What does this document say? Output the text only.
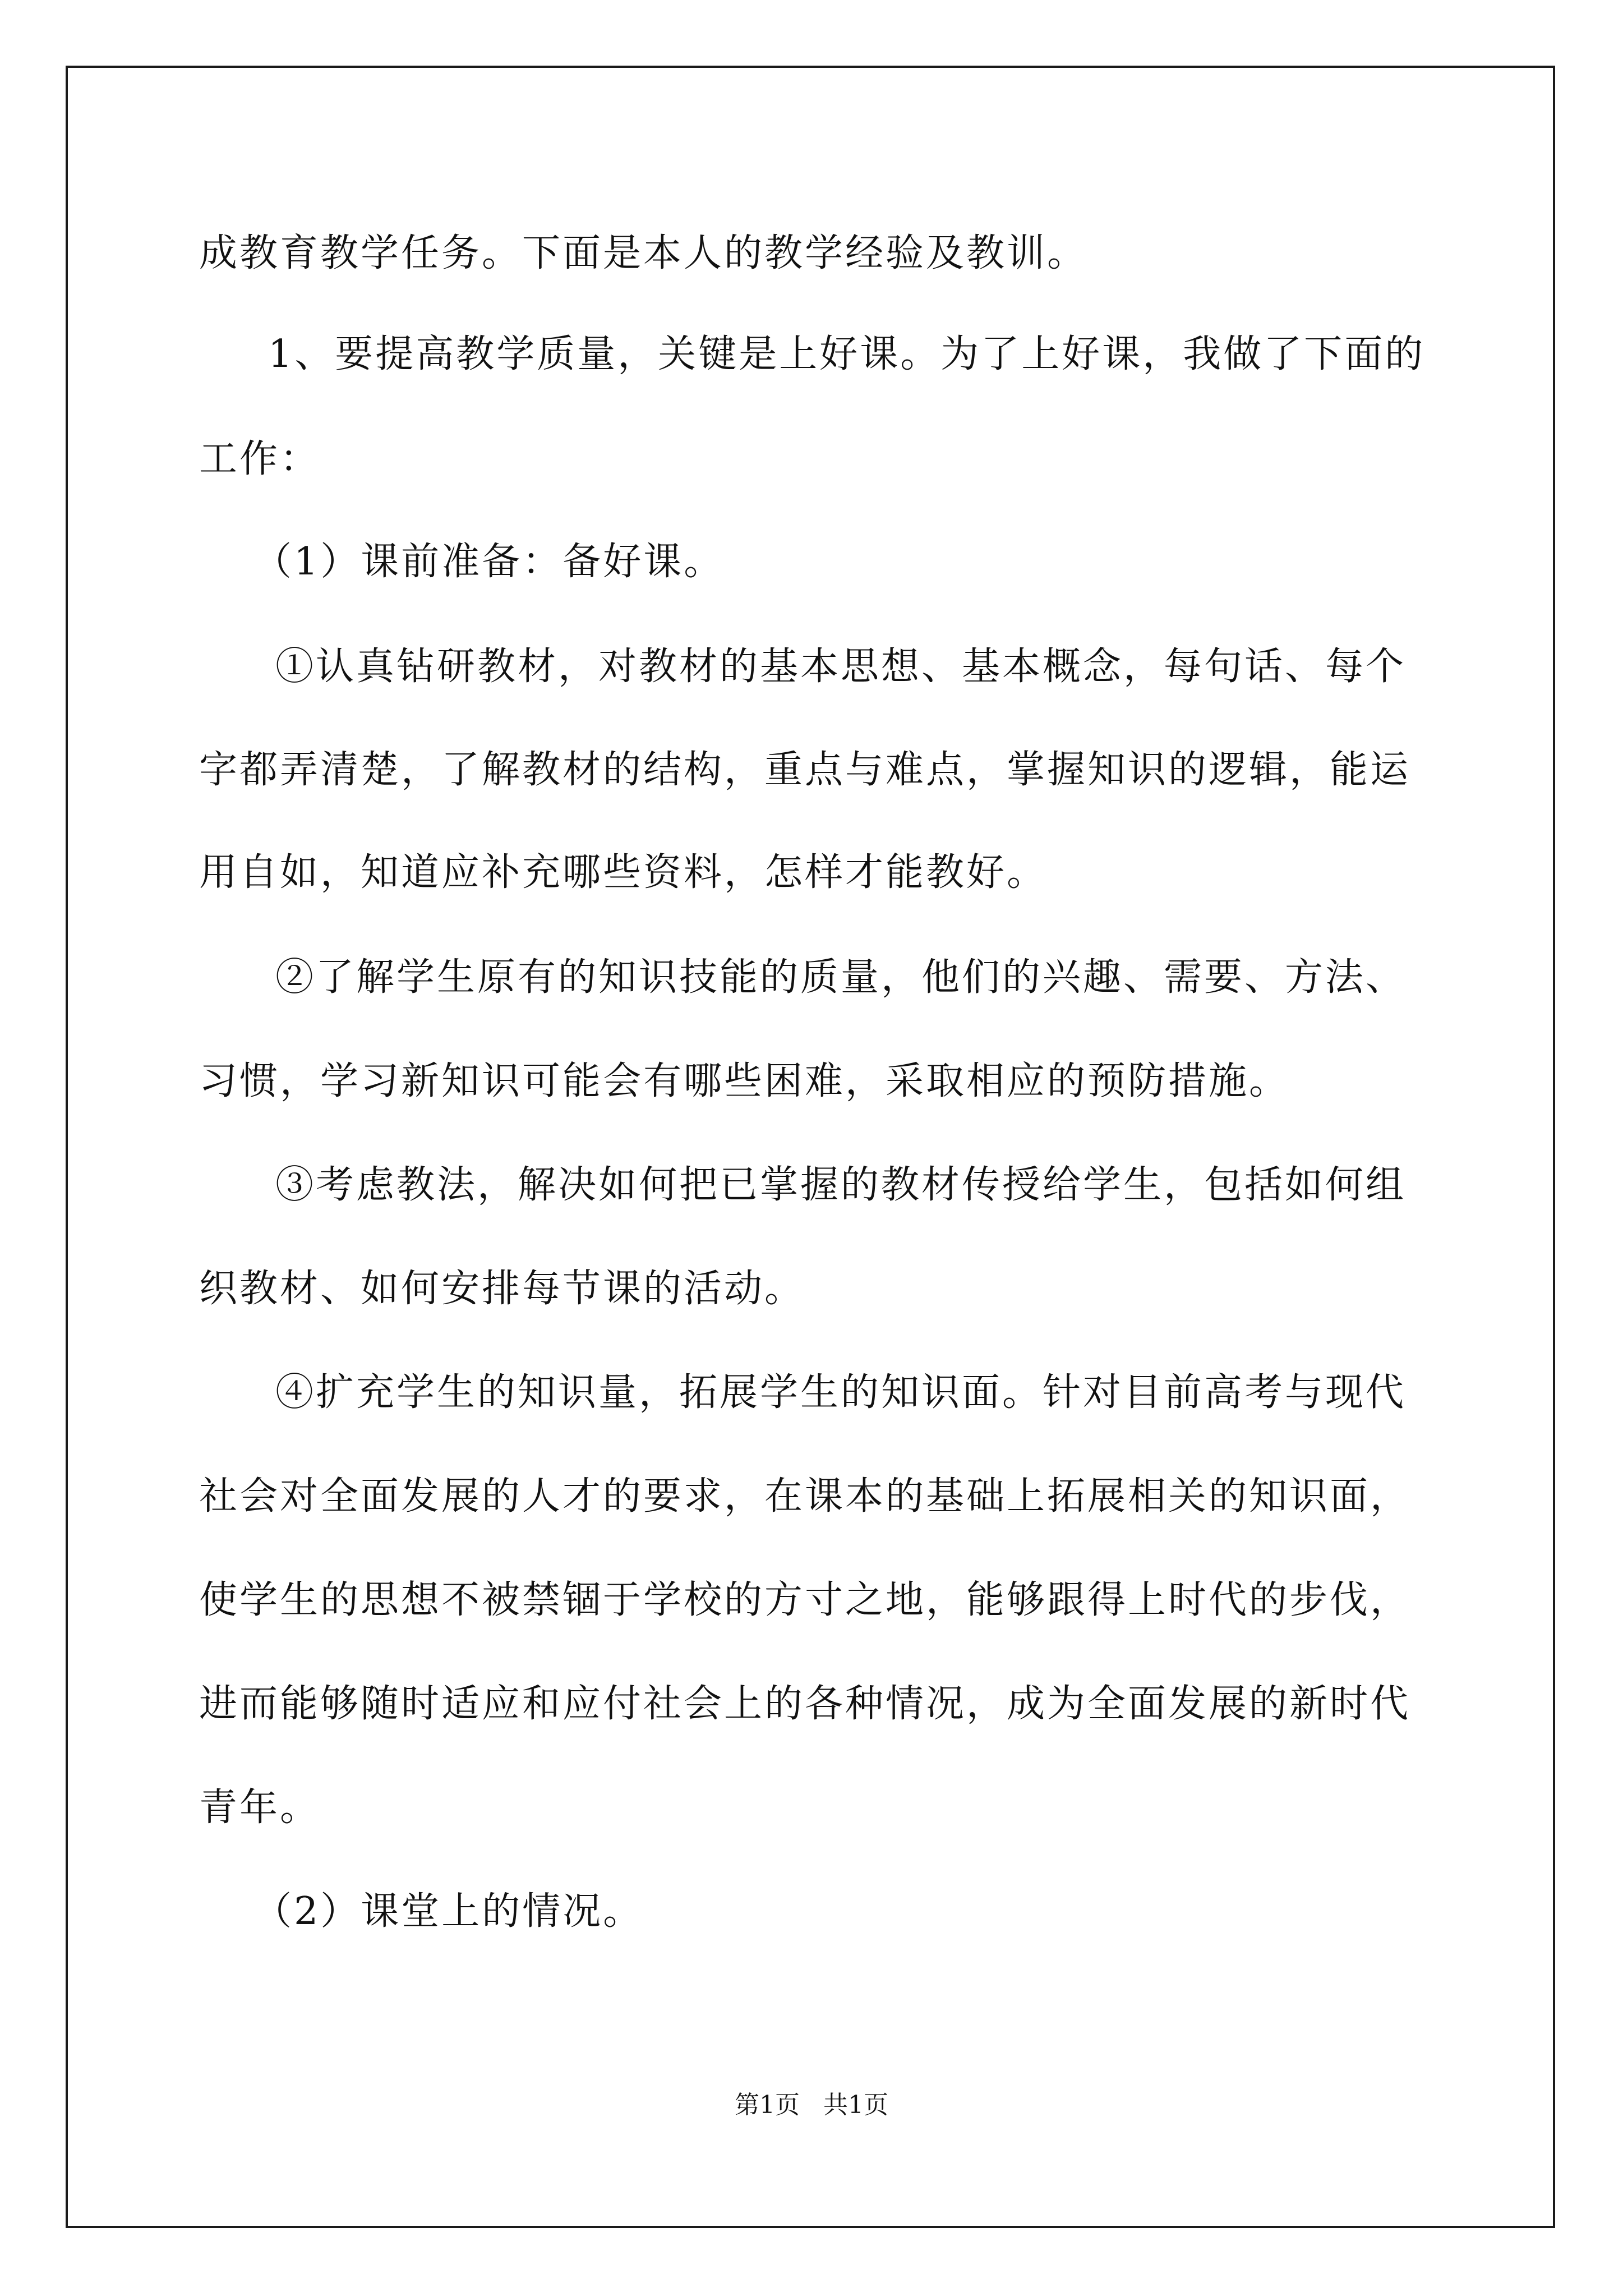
成教育教学任务。下面是本人的教学经验及教训。
1、要提高教学质量，关键是上好课。为了上好课，我做了下面的
工作：
（1）课前准备：备好课。
①认真钻研教材，对教材的基本思想、基本概念，每句话、每个
字都弄清楚，了解教材的结构，重点与难点，掌握知识的逻辑，能运
用自如，知道应补充哪些资料，怎样才能教好。
②了解学生原有的知识技能的质量，他们的兴趣、需要、方法、
习惯，学习新知识可能会有哪些困难，采取相应的预防措施。
③考虑教法，解决如何把已掌握的教材传授给学生，包括如何组
织教材、如何安排每节课的活动。
④扩充学生的知识量，拓展学生的知识面。针对目前高考与现代
社会对全面发展的人才的要求，在课本的基础上拓展相关的知识面，
使学生的思想不被禁锢于学校的方寸之地，能够跟得上时代的步伐，
进而能够随时适应和应付社会上的各种情况，成为全面发展的新时代
青年。
（2）课堂上的情况。
第1页   共1页
